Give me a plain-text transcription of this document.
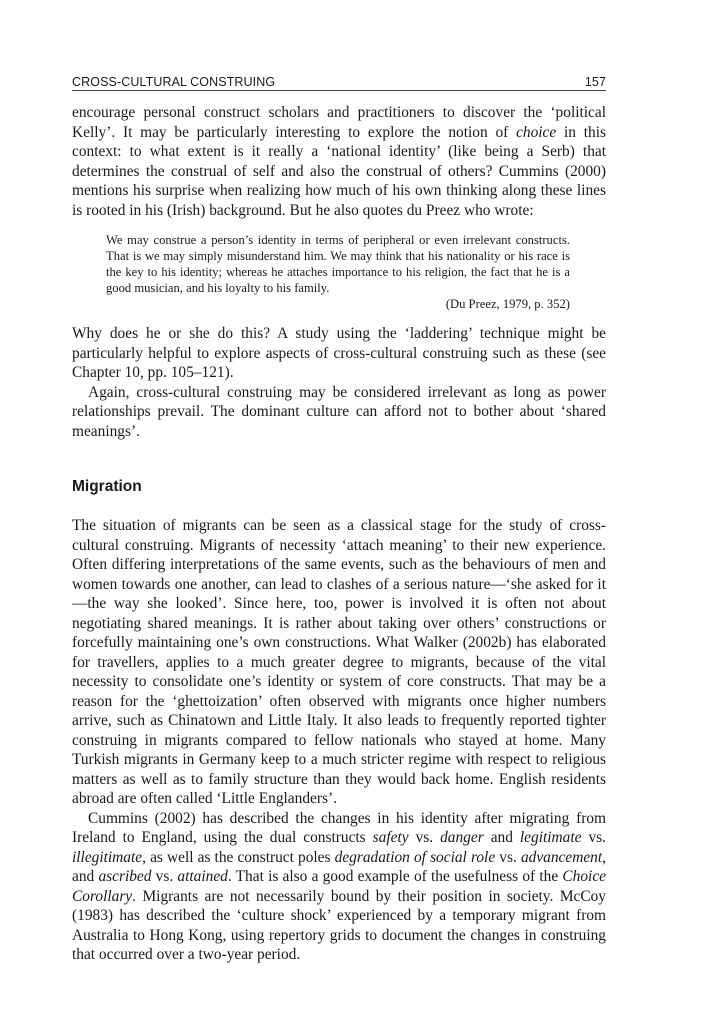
CROSS-CULTURAL CONSTRUING	157

encourage personal construct scholars and practitioners to discover the ‘political Kelly’. It may be particularly interesting to explore the notion of choice in this context: to what extent is it really a ‘national identity’ (like being a Serb) that determines the construal of self and also the construal of others? Cummins (2000) mentions his surprise when realizing how much of his own thinking along these lines is rooted in his (Irish) background. But he also quotes du Preez who wrote:

We may construe a person’s identity in terms of peripheral or even irrelevant constructs. That is we may simply misunderstand him. We may think that his nationality or his race is the key to his identity; whereas he attaches importance to his religion, the fact that he is a good musician, and his loyalty to his family.
(Du Preez, 1979, p. 352)

Why does he or she do this? A study using the ‘laddering’ technique might be particularly helpful to explore aspects of cross-cultural construing such as these (see Chapter 10, pp. 105–121).

Again, cross-cultural construing may be considered irrelevant as long as power relationships prevail. The dominant culture can afford not to bother about ‘shared meanings’.

Migration

The situation of migrants can be seen as a classical stage for the study of cross-cultural construing. Migrants of necessity ‘attach meaning’ to their new experience. Often differing interpretations of the same events, such as the behaviours of men and women towards one another, can lead to clashes of a serious nature—‘she asked for it—the way she looked’. Since here, too, power is involved it is often not about negotiating shared meanings. It is rather about taking over others’ constructions or forcefully maintaining one’s own constructions. What Walker (2002b) has elaborated for travellers, applies to a much greater degree to migrants, because of the vital necessity to consolidate one’s identity or system of core constructs. That may be a reason for the ‘ghettoization’ often observed with migrants once higher numbers arrive, such as Chinatown and Little Italy. It also leads to frequently reported tighter construing in migrants compared to fellow nationals who stayed at home. Many Turkish migrants in Germany keep to a much stricter regime with respect to religious matters as well as to family structure than they would back home. English residents abroad are often called ‘Little Englanders’.

Cummins (2002) has described the changes in his identity after migrating from Ireland to England, using the dual constructs safety vs. danger and legitimate vs. illegitimate, as well as the construct poles degradation of social role vs. advancement, and ascribed vs. attained. That is also a good example of the usefulness of the Choice Corollary. Migrants are not necessarily bound by their position in society. McCoy (1983) has described the ‘culture shock’ experienced by a temporary migrant from Australia to Hong Kong, using repertory grids to document the changes in construing that occurred over a two-year period.
